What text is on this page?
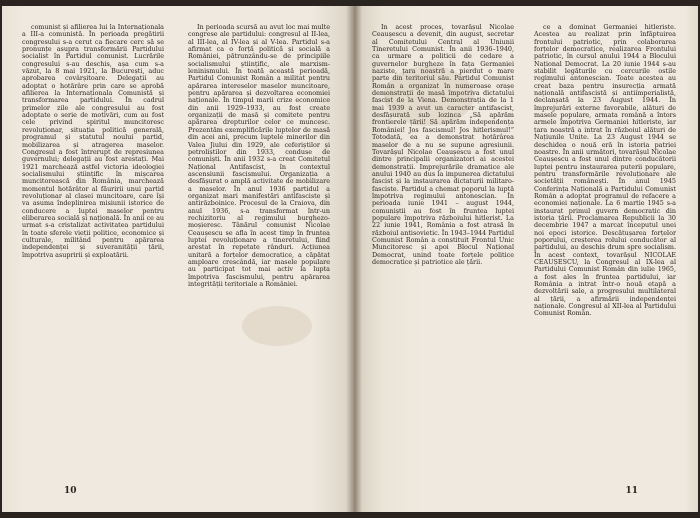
comunist și afilierea lui la Internaționala a III-a comunistă. În perioada pregătirii congresului s-a cerut ca fiecare cerc să se pronunțe asupra transformării Partidului socialist în Partidul comunist. Lucrările congresului s-au deschis, așa cum s-a văzut, la 8 mai 1921, la București, aduc aprobarea covârșitoare. Delegații au adoptat o hotărâre prin care se aprobă afilierea la Internaționala Comunistă și transformarea partidului. În cadrul primelor zile ale congresului au fost adoptate o serie de motivări, cum au fost cele privind spiritul muncitoresc revoluționar, situația politică generală, programul și statutul noului partid, mobilizarea și atragerea maselor. Congresul a fost întrerupt de represiunea guvernului; delegații au fost arestați. Mai 1921 marchează astfel victoria ideologiei socialismului științific în mișcarea muncitorească din România, marchează momentul hotărâtor al făuririi unui partid revoluționar al clasei muncitoare, care își va asuma îndeplinirea misiunii istorice de conducere a luptei maselor pentru eliberarea socială și națională. În anii ce au urmat s-a cristalizat activitatea partidului în toate sferele vieții politice, economice și culturale, militând pentru apărarea independenței și suveranității țării, împotriva asupririi și exploatării.

În perioada scursă au avut loc mai multe congrese ale partidului: congresul al II-lea, al III-lea, al IV-lea și al V-lea. Partidul s-a afirmat ca o forță politică și socială a României, pătrunzându-se de principiile socialismului științific, ale marxism-leninismului. În toată această perioadă, Partidul Comunist Român a militat pentru apărarea intereselor maselor muncitoare, pentru apărarea și dezvoltarea economiei naționale. În timpul marii crize economice din anii 1929–1933, au fost create organizații de masă și comitete pentru apărarea drepturilor celor ce muncesc. Prezentăm exemplificările luptelor de masă din acei ani, precum luptele minerilor din Valea Jiului din 1929, ale ceferiștilor și petroliștilor din 1933, conduse de comuniști. În anii 1932 s-a creat Comitetul Național Antifascist, în contextul ascensiunii fascismului. Organizația a desfășurat o amplă activitate de mobilizare a maselor. În anul 1936 partidul a organizat mari manifestări antifasciste și antirăzboinice. Procesul de la Craiova, din anul 1936, s-a transformat într-un rechizitoriu al regimului burghezo-moșieresc. Tânărul comunist Nicolae Ceaușescu se afla în acest timp în fruntea luptei revoluționare a tineretului, fiind arestat în repetate rânduri. Acțiunea unitară a forțelor democratice, a căpătat amploare crescândă, iar masele populare au participat tot mai activ la lupta împotriva fascismului, pentru apărarea integrității teritoriale a României.

10

În acest proces, tovarășul Nicolae Ceaușescu a devenit, din august, secretar al Comitetului Central al Uniunii Tineretului Comunist. În anii 1936–1940, ca urmare a politicii de cedare a guvernelor burgheze în fața Germaniei naziste, țara noastră a pierdut o mare parte din teritoriul său. Partidul Comunist Român a organizat în numeroase orașe demonstrații de masă împotriva dictatului fascist de la Viena. Demonstrația de la 1 mai 1939 a avut un caracter antifascist, desfășurată sub lozinca „Să apărăm frontierele țării! Să apărăm independența României! Jos fascismul! Jos hitlerismul!” Totodată, ea a demonstrat hotărârea maselor de a nu se supune agresiunii. Tovarășul Nicolae Ceaușescu a fost unul dintre principalii organizatori ai acestei demonstrații. Imprejurările dramatice ale anului 1940 au dus la impunerea dictatului fascist și la instaurarea dictaturii militaro-fasciste. Partidul a chemat poporul la luptă împotriva regimului antonescian. În perioada iunie 1941 – august 1944, comuniștii au fost în fruntea luptei populare împotriva războiului hitlerist. La 22 iunie 1941, România a fost atrasă în războiul antisovietic. În 1943–1944 Partidul Comunist Român a constituit Frontul Unic Muncitoresc și apoi Blocul Național Democrat, unind toate forțele politice democratice și patriotice ale țării.

ce a dominat Germaniei hitleriste. Acestea au realizat prin înfăptuirea frontului patriotic, prin colaborarea forțelor democratice, realizarea Frontului patriotic, în cursul anului 1944 a Blocului Național Democrat. La 20 iunie 1944 s-au stabilit legăturile cu cercurile ostile regimului antonescian. Toate acestea au creat baza pentru insurecția armată națională antifascistă și antiimperialistă, declanșată la 23 August 1944. În împrejurări externe favorabile, alături de masele populare, armata română a întors armele împotriva Germaniei hitleriste, iar țara noastră a intrat în războiul alături de Națiunile Unite. La 23 August 1944 se deschidea o nouă eră în istoria patriei noastre. În anii următori, tovarășul Nicolae Ceaușescu a fost unul dintre conducătorii luptei pentru instaurarea puterii populare, pentru transformările revoluționare ale societății românești. În anul 1945 Conferința Națională a Partidului Comunist Român a adoptat programul de refacere a economiei naționale. La 6 martie 1945 s-a instaurat primul guvern democratic din istoria țării. Proclamarea Republicii la 30 decembrie 1947 a marcat începutul unei noi epoci istorice. Descătușarea forțelor poporului, creșterea rolului conducător al partidului, au deschis drum spre socialism. În acest context, tovarășul NICOLAE CEAUȘESCU, la Congresul al IX-lea al Partidului Comunist Român din iulie 1965, a fost ales în fruntea partidului, iar România a intrat într-o nouă etapă a dezvoltării sale, a progresului multilateral al țării, a afirmării independenței naționale. Congresul al XII-lea al Partidului Comunist Român.

11
